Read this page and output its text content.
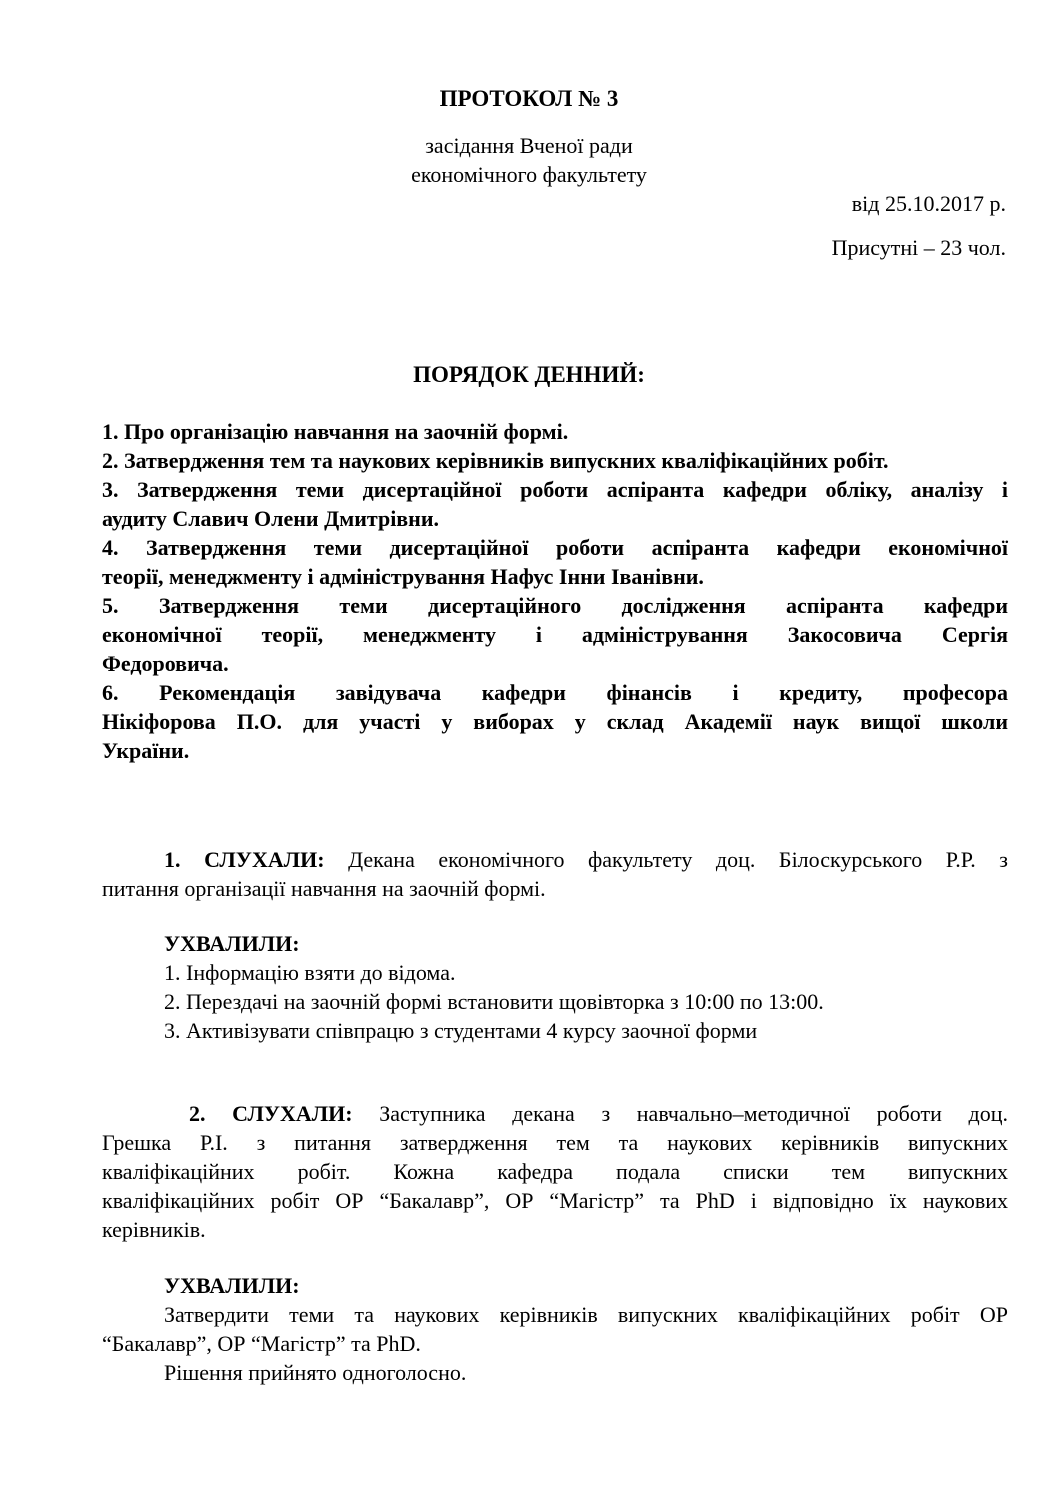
ПРОТОКОЛ № 3
засідання Вченої ради
економічного факультету
від 25.10.2017 р.
Присутні – 23 чол.
ПОРЯДОК ДЕННИЙ:
1. Про організацію навчання на заочній формі.
2. Затвердження тем та наукових керівників випускних кваліфікаційних робіт.
3. Затвердження теми дисертаційної роботи аспіранта кафедри обліку, аналізу і
аудиту Славич Олени Дмитрівни.
4. Затвердження теми дисертаційної роботи аспіранта кафедри економічної
теорії, менеджменту і адміністрування Нафус Інни Іванівни.
5. Затвердження теми дисертаційного дослідження аспіранта кафедри
економічної теорії, менеджменту і адміністрування Закосовича Сергія
Федоровича.
6. Рекомендація завідувача кафедри фінансів і кредиту, професора
Нікіфорова П.О. для участі у виборах у склад Академії наук вищої школи
України.
1. СЛУХАЛИ: Декана економічного факультету доц. Білоскурського Р.Р. з
питання організації навчання на заочній формі.
УХВАЛИЛИ:
1. Інформацію взяти до відома.
2. Перездачі на заочній формі встановити щовівторка з 10:00 по 13:00.
3. Активізувати співпрацю з студентами 4 курсу заочної форми
2. СЛУХАЛИ: Заступника декана з навчально–методичної роботи доц.
Грешка Р.І. з питання затвердження тем та наукових керівників випускних
кваліфікаційних робіт. Кожна кафедра подала списки тем випускних
кваліфікаційних робіт ОР “Бакалавр”, ОР “Магістр” та PhD і відповідно їх наукових
керівників.
УХВАЛИЛИ:
Затвердити теми та наукових керівників випускних кваліфікаційних робіт ОР
“Бакалавр”, ОР “Магістр” та PhD.
Рішення прийнято одноголосно.
